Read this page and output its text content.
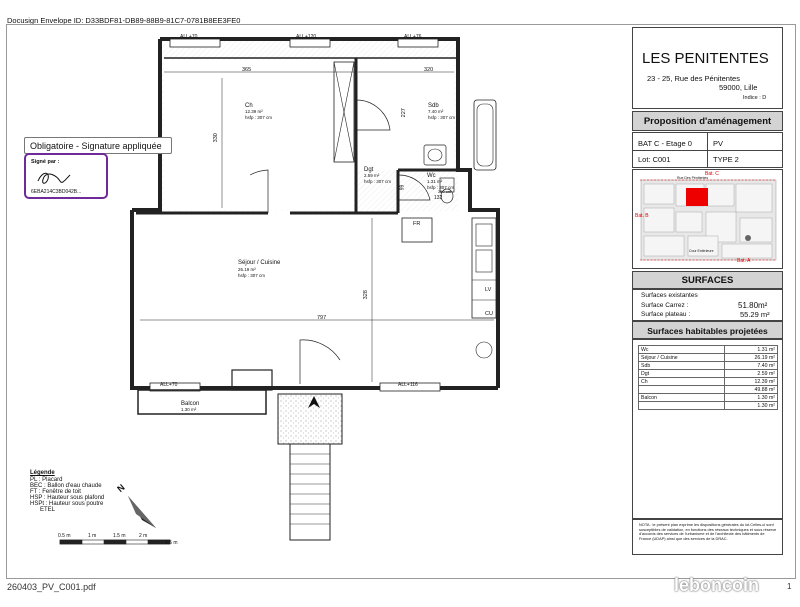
Docusign Envelope ID: D33BDF81-DB89-88B9-81C7-0781B8EE3FE0
ALL+70	ALL+120	ALL+76
ALL+70	ALL+116
365	320
330
227
99
132
797
328
Ch
12.39 m²
hsfp : 307 cm
Sdb
7.40 m²
hsfp : 307 cm
Dgt
2.59 m²
hsfp : 307 cm
Wc
1.31 m²
hsfp : 307 cm
250 cm
Séjour / Cuisine
26.19 m²
hsfp : 307 cm
Balcon
1.30 m²
FR
LV
CU
Obligatoire - Signature appliquée
Signé par :
6EBA214C3BD042B...
Légende
PL : Placard
BEC : Ballon d'eau chaude
FT : Fenêtre de toit
HSP : Hauteur sous plafond
HSPt : Hauteur sous poutre
ETEL
N
0.5 m	1 m	1.5 m	2 m
2.5 m
LES PENITENTES
23 - 25, Rue des Pénitentes
59000, Lille
Indice : D
Proposition d'aménagement
BAT C - Etage 0	PV
Lot: C001	TYPE 2
Bat. C
Rue Des Pénitentes
Bat. B
Bat. A
Cour Extérieure
SURFACES
Surfaces existantes
Surface Carrez :	51.80m²
Surface plateau :	55.29 m²
Surfaces habitables projetées
Wc	1.31 m²
Séjour / Cuisine	26.19 m²
Sdb	7.40 m²
Dgt	2.59 m²
Ch	12.39 m²
	49.88 m²
Balcon	1.30 m²
	1.30 m²
NOTA : le présent plan exprime les dispositions générales du lot.Celles-ci sont susceptibles de validation, en fonctions des réseaux techniques et sous réserve d'accords des services de l'urbanisme et de l'architecte des bâtiments de France (UDAP) ainsi que des services de la DRAC.
260403_PV_C001.pdf	leboncoin	1
